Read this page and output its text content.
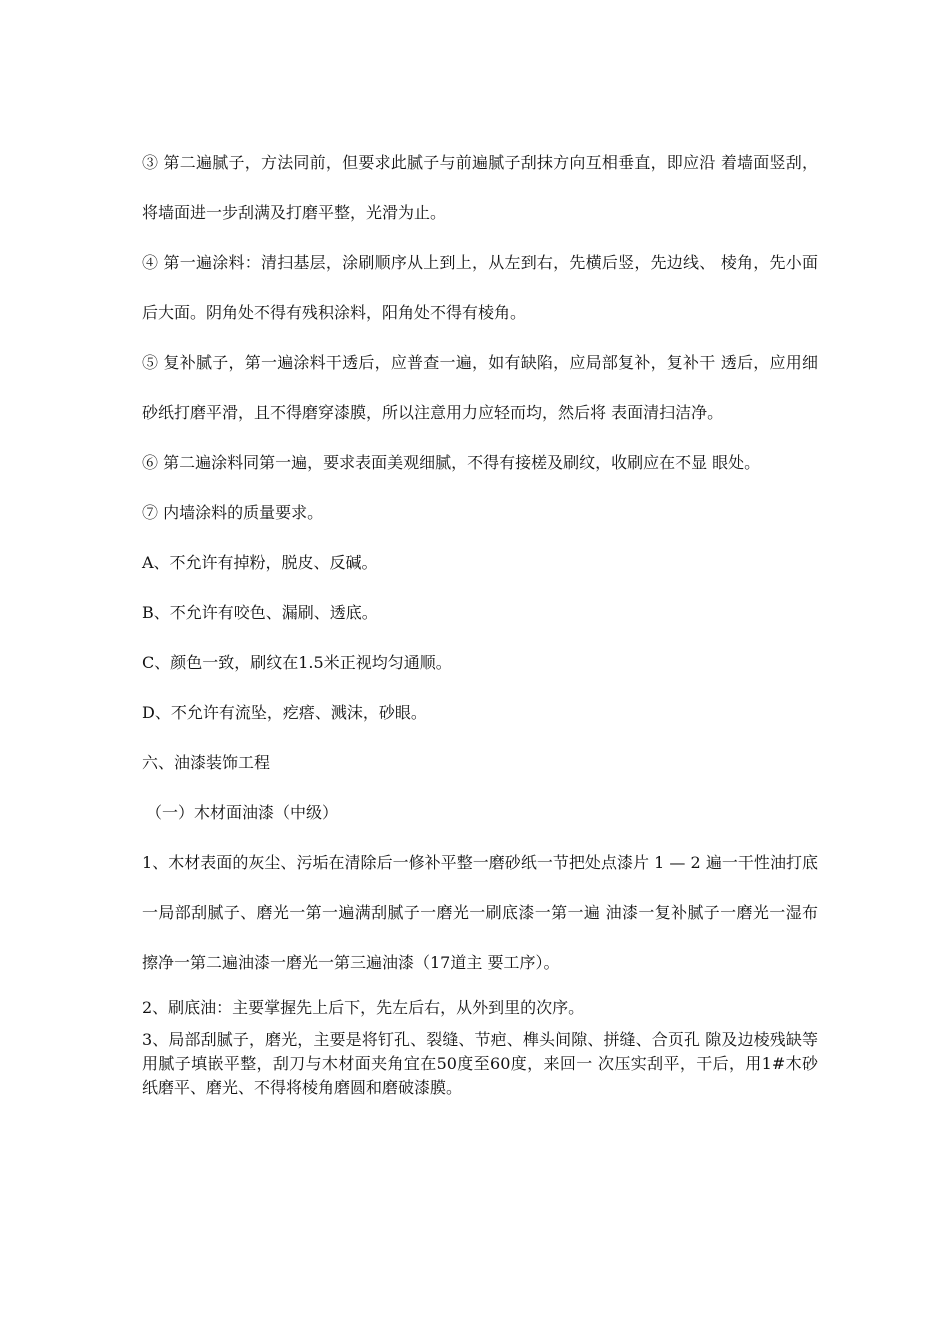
③ 第二遍腻子，方法同前，但要求此腻子与前遍腻子刮抹方向互相垂直，即应沿 着墙面竖刮，将墙面进一步刮满及打磨平整，光滑为止。

④ 第一遍涂料：清扫基层，涂刷顺序从上到上，从左到右，先横后竖，先边线、 棱角，先小面后大面。阴角处不得有残积涂料，阳角处不得有棱角。

⑤ 复补腻子，第一遍涂料干透后，应普查一遍，如有缺陷，应局部复补，复补干 透后，应用细砂纸打磨平滑，且不得磨穿漆膜，所以注意用力应轻而均，然后将 表面清扫洁净。

⑥ 第二遍涂料同第一遍，要求表面美观细腻，不得有接槎及刷纹，收刷应在不显 眼处。

⑦ 内墙涂料的质量要求。

A、不允许有掉粉，脱皮、反碱。

B、不允许有咬色、漏刷、透底。

C、颜色一致，刷纹在1.5米正视均匀通顺。

D、不允许有流坠，疙瘩、溅沫，砂眼。

六、油漆装饰工程

（一）木材面油漆（中级）

1、木材表面的灰尘、污垢在清除后一修补平整一磨砂纸一节把处点漆片 1 — 2 遍一干性油打底一局部刮腻子、磨光一第一遍满刮腻子一磨光一刷底漆一第一遍 油漆一复补腻子一磨光一湿布擦净一第二遍油漆一磨光一第三遍油漆（17道主 要工序）。

2、刷底油：主要掌握先上后下，先左后右，从外到里的次序。

3、局部刮腻子，磨光，主要是将钉孔、裂缝、节疤、榫头间隙、拼缝、合页孔 隙及边棱残缺等用腻子填嵌平整，刮刀与木材面夹角宜在50度至60度，来回一 次压实刮平，干后，用1#木砂纸磨平、磨光、不得将棱角磨圆和磨破漆膜。
